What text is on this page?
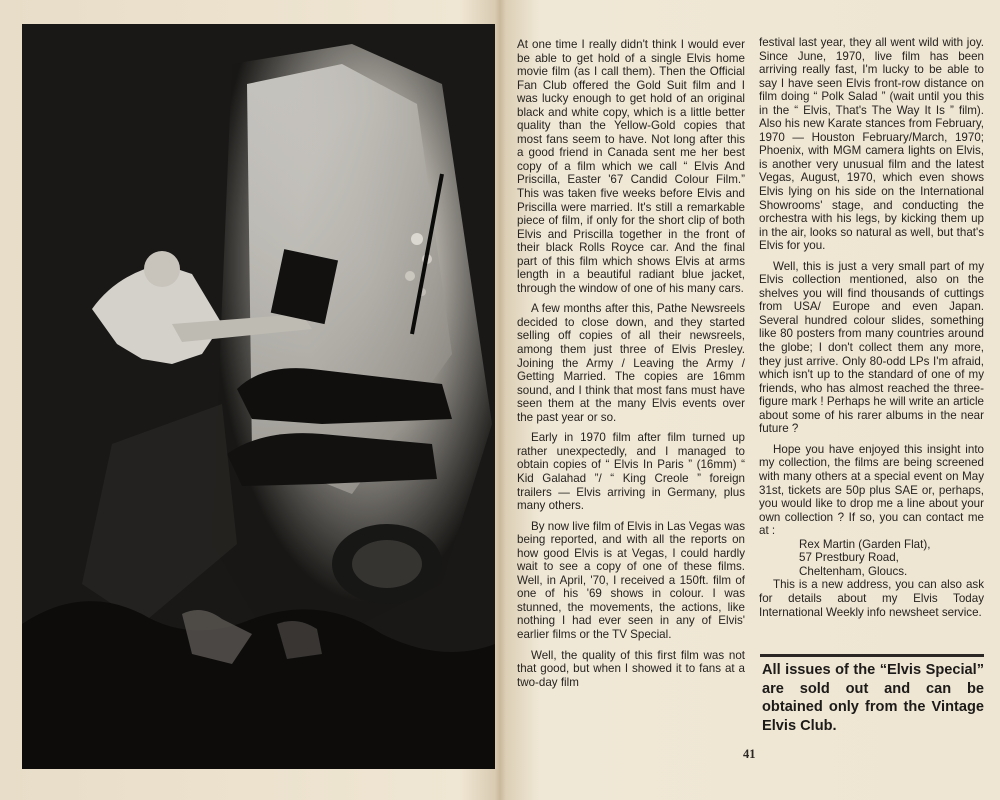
At one time I really didn't think I would ever be able to get hold of a single Elvis home movie film (as I call them). Then the Official Fan Club offered the Gold Suit film and I was lucky enough to get hold of an original black and white copy, which is a little better quality than the Yellow-Gold copies that most fans seem to have. Not long after this a good friend in Canada sent me her best copy of a film which we call “ Elvis And Priscilla, Easter '67 Candid Colour Film.” This was taken five weeks before Elvis and Priscilla were married. It's still a remarkable piece of film, if only for the short clip of both Elvis and Priscilla together in the front of their black Rolls Royce car. And the final part of this film which shows Elvis at arms length in a beautiful radiant blue jacket, through the window of one of his many cars.

A few months after this, Pathe Newsreels decided to close down, and they started selling off copies of all their newsreels, among them just three of Elvis Presley. Joining the Army / Leaving the Army / Getting Married. The copies are 16mm sound, and I think that most fans must have seen them at the many Elvis events over the past year or so.

Early in 1970 film after film turned up rather unexpectedly, and I managed to obtain copies of “ Elvis In Paris ” (16mm) “ Kid Galahad ”/ “ King Creole ” foreign trailers — Elvis arriving in Germany, plus many others.

By now live film of Elvis in Las Vegas was being reported, and with all the reports on how good Elvis is at Vegas, I could hardly wait to see a copy of one of these films. Well, in April, '70, I received a 150ft. film of one of his '69 shows in colour. I was stunned, the movements, the actions, like nothing I had ever seen in any of Elvis' earlier films or the TV Special.

Well, the quality of this first film was not that good, but when I showed it to fans at a two-day film

festival last year, they all went wild with joy. Since June, 1970, live film has been arriving really fast, I'm lucky to be able to say I have seen Elvis front-row distance on film doing “ Polk Salad ” (wait until you this in the “ Elvis, That's The Way It Is ” film). Also his new Karate stances from February, 1970 — Houston February/March, 1970; Phoenix, with MGM camera lights on Elvis, is another very unusual film and the latest Vegas, August, 1970, which even shows Elvis lying on his side on the International Showrooms' stage, and conducting the orchestra with his legs, by kicking them up in the air, looks so natural as well, but that's Elvis for you.

Well, this is just a very small part of my Elvis collection mentioned, also on the shelves you will find thousands of cuttings from USA/ Europe and even Japan. Several hundred colour slides, something like 80 posters from many countries around the globe; I don't collect them any more, they just arrive. Only 80-odd LPs I'm afraid, which isn't up to the standard of one of my friends, who has almost reached the three-figure mark ! Perhaps he will write an article about some of his rarer albums in the near future ?

Hope you have enjoyed this insight into my collection, the films are being screened with many others at a special event on May 31st, tickets are 50p plus SAE or, perhaps, you would like to drop me a line about your own collection ? If so, you can contact me at :

Rex Martin (Garden Flat),
57 Prestbury Road,
Cheltenham, Gloucs.

This is a new address, you can also ask for details about my Elvis Today International Weekly info newsheet service.

All issues of the “Elvis Special” are sold out and can be obtained only from the Vintage Elvis Club.
41
